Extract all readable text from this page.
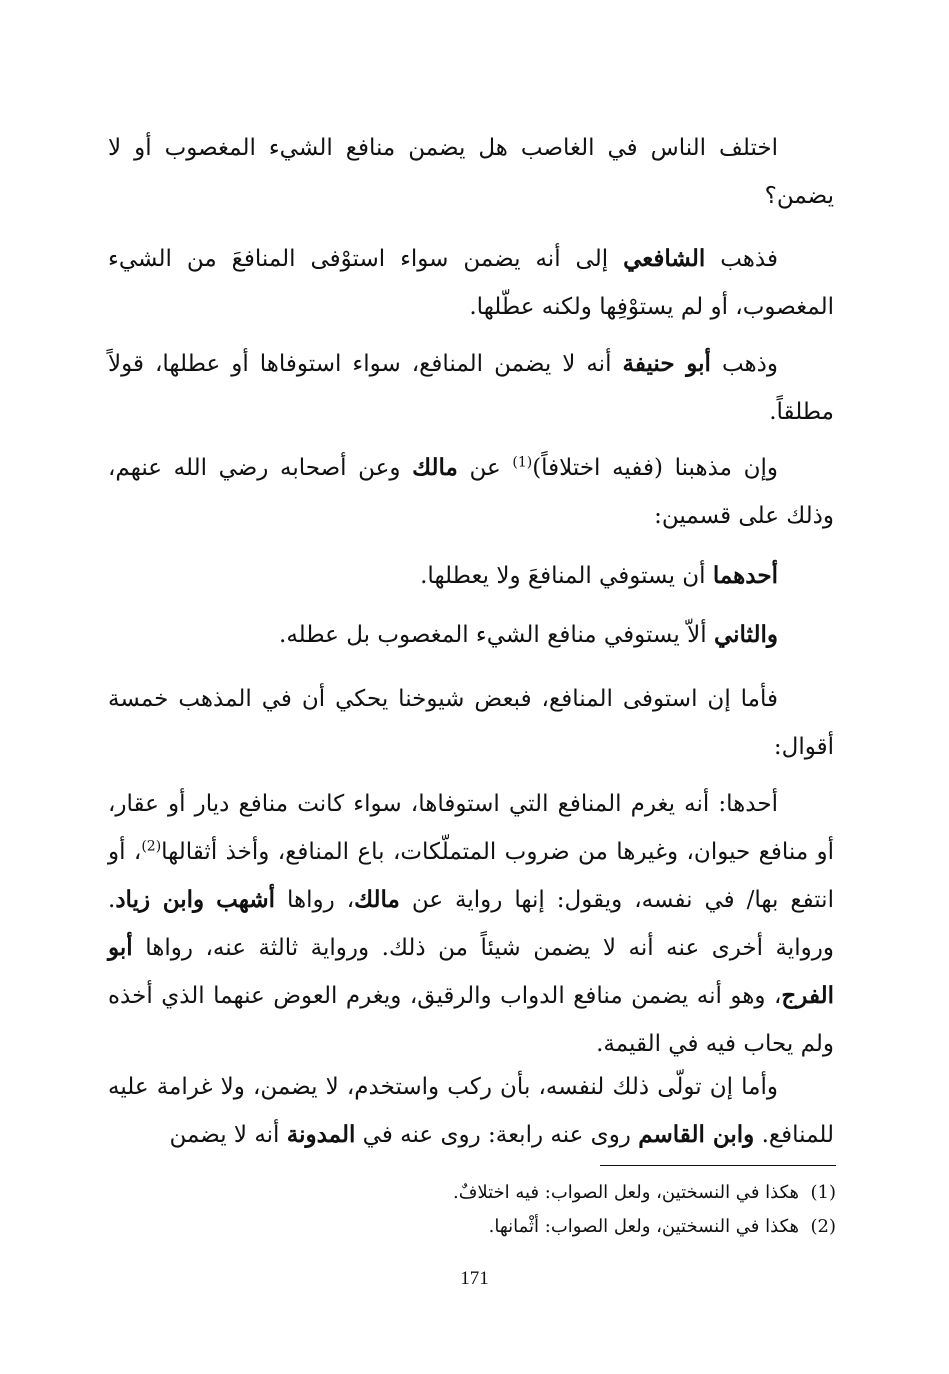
اختلف الناس في الغاصب هل يضمن منافع الشيء المغصوب أو لا يضمن؟
فذهب الشافعي إلى أنه يضمن سواء استوْفى المنافعَ من الشيء المغصوب، أو لم يستوْفِها ولكنه عطّلها.
وذهب أبو حنيفة أنه لا يضمن المنافع، سواء استوفاها أو عطلها، قولاً مطلقاً.
وإن مذهبنا (ففيه اختلافاً)$^{(1)}$ عن مالك وعن أصحابه رضي الله عنهم، وذلك على قسمين:
أحدهما أن يستوفي المنافعَ ولا يعطلها.
والثاني ألاّ يستوفي منافع الشيء المغصوب بل عطله.
فأما إن استوفى المنافع، فبعض شيوخنا يحكي أن في المذهب خمسة أقوال:
أحدها: أنه يغرم المنافع التي استوفاها، سواء كانت منافع ديار أو عقار، أو منافع حيوان، وغيرها من ضروب المتملّكات، باع المنافع، وأخذ أثقالها$^{(2)}$، أو انتفع بها/ في نفسه، ويقول: إنها رواية عن مالك، رواها أشهب وابن زياد. ورواية أخرى عنه أنه لا يضمن شيئاً من ذلك. ورواية ثالثة عنه، رواها أبو الفرج، وهو أنه يضمن منافع الدواب والرقيق، ويغرم العوض عنهما الذي أخذه ولم يحاب فيه في القيمة.
وأما إن تولّى ذلك لنفسه، بأن ركب واستخدم، لا يضمن، ولا غرامة عليه للمنافع. وابن القاسم روى عنه رابعة: روى عنه في المدونة أنه لا يضمن

(1)  هكذا في النسختين، ولعل الصواب: فيه اختلافٌ.

(2)  هكذا في النسختين، ولعل الصواب: أثْمانها.

171
